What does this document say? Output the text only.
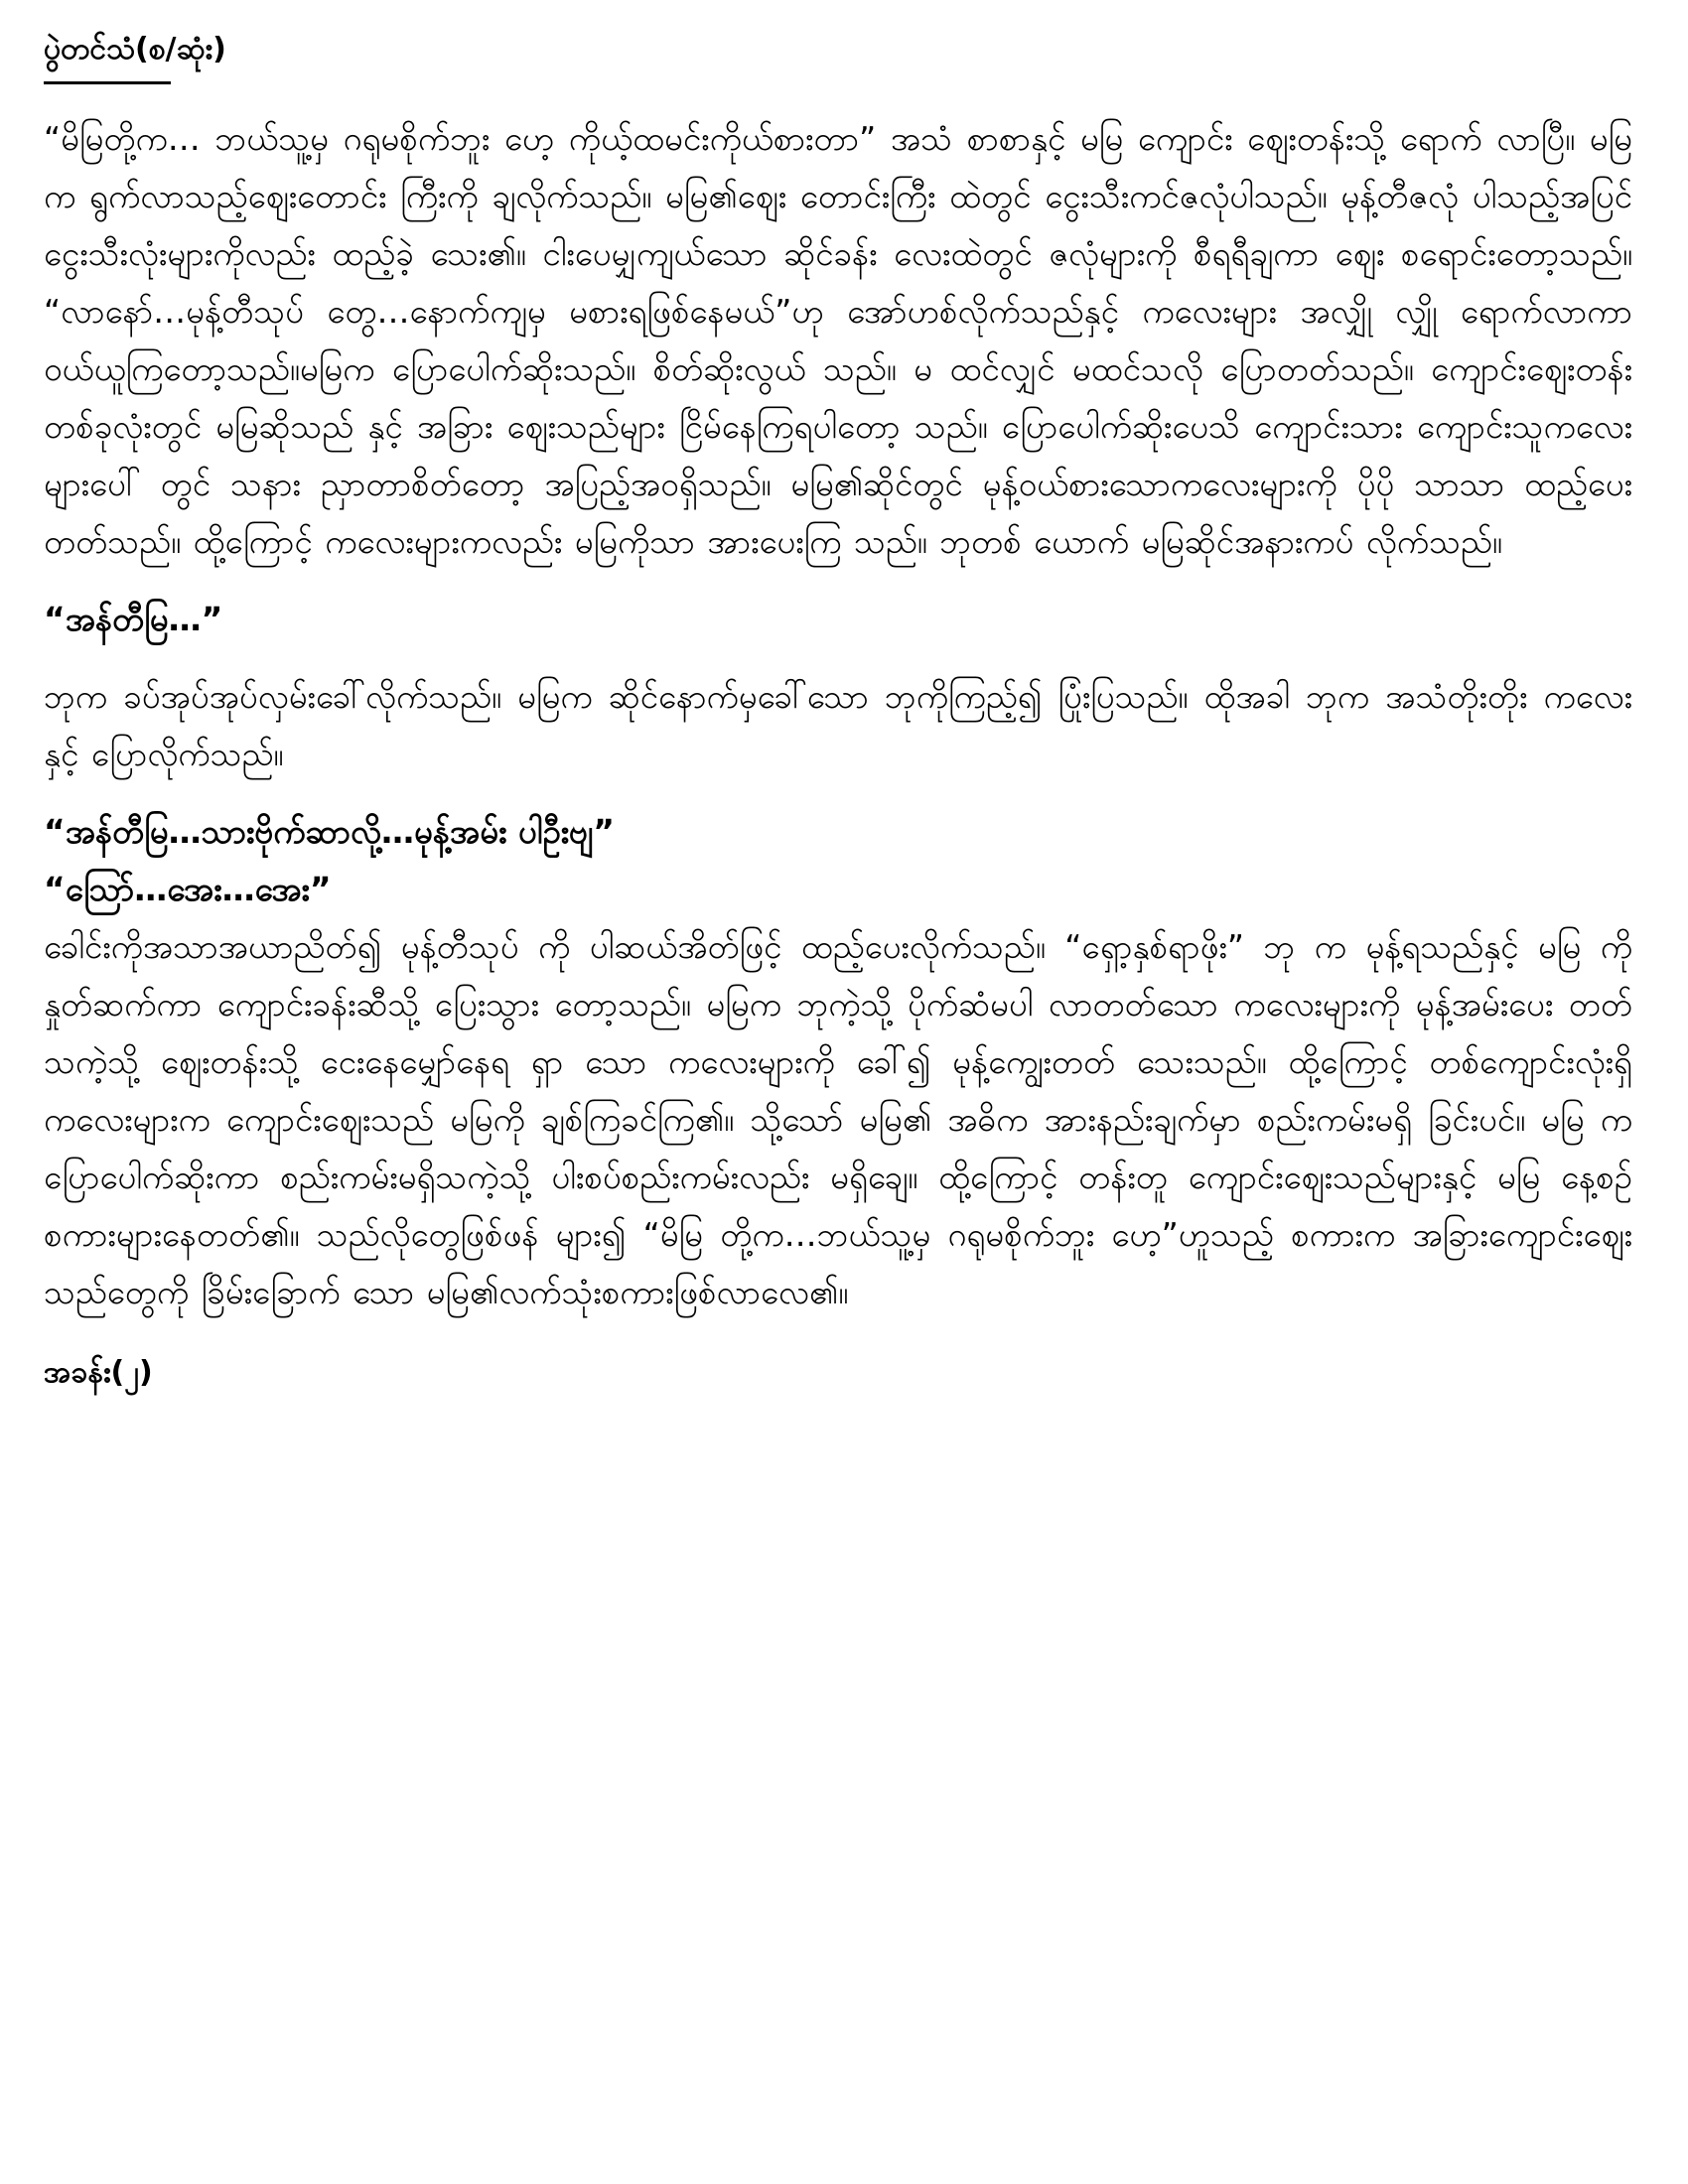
ပွဲတင်သံ(စ/ဆုံး)

“မိမြတို့က… ဘယ်သူ့မှ ဂရုမစိုက်ဘူး ဟေ့ ကိုယ့်ထမင်းကိုယ်စားတာ” အသံ စာစာနှင့် မမြ ကျောင်း ဈေးတန်းသို့ ရောက် လာပြီ။ မမြက ရွက်လာသည့်ဈေးတောင်း ကြီးကို ချလိုက်သည်။ မမြ၏ဈေး တောင်းကြီး ထဲတွင် ငွေးသီးကင်ဇလုံပါသည်။ မုန့်တီဇလုံ ပါသည့်အပြင် ငွေးသီးလုံးများကိုလည်း ထည့်ခဲ့ သေး၏။ ငါးပေမျှကျယ်သော ဆိုင်ခန်း လေးထဲတွင် ဇလုံများကို စီရရီချကာ ဈေး စရောင်းတော့သည်။ “လာနော်…မုန့်တီသုပ် တွေ…နောက်ကျမှ မစားရဖြစ်နေမယ်”ဟု အော်ဟစ်လိုက်သည်နှင့် ကလေးများ အလျှို လျှို ရောက်လာကာ ဝယ်ယူကြတော့သည်။မမြက ပြောပေါက်ဆိုးသည်။ စိတ်ဆိုးလွယ် သည်။ မ ထင်လျှင် မထင်သလို ပြောတတ်သည်။ ကျောင်းဈေးတန်းတစ်ခုလုံးတွင် မမြဆိုသည် နှင့် အခြား ဈေးသည်များ ငြိမ်နေကြရပါတော့ သည်။ ပြောပေါက်ဆိုးပေသိ ကျောင်းသား ကျောင်းသူကလေးများပေါ် တွင် သနား ညှာတာစိတ်တော့ အပြည့်အဝရှိသည်။ မမြ၏ဆိုင်တွင် မုန့်ဝယ်စားသောကလေးများကို ပိုပို သာသာ ထည့်ပေးတတ်သည်။ ထို့ကြောင့် ကလေးများကလည်း မမြကိုသာ အားပေးကြ သည်။ ဘုတစ် ယောက် မမြဆိုင်အနားကပ် လိုက်သည်။

“အန်တီမြ…”

ဘုက ခပ်အုပ်အုပ်လှမ်းခေါ်လိုက်သည်။ မမြက ဆိုင်နောက်မှခေါ်သော ဘုကိုကြည့်၍ ပြုံးပြသည်။ ထိုအခါ ဘုက အသံတိုးတိုး ကလေးနှင့် ပြောလိုက်သည်။

“အန်တီမြ…သားဗိုက်ဆာလို့…မုန့်အမ်း ပါဦးဗျ”

“သြော်…အေး…အေး”

ခေါင်းကိုအသာအယာညိတ်၍ မုန့်တီသုပ် ကို ပါဆယ်အိတ်ဖြင့် ထည့်ပေးလိုက်သည်။ “ရှော့နှစ်ရာဖိုး” ဘု က မုန့်ရသည်နှင့် မမြ ကိုနှုတ်ဆက်ကာ ကျောင်းခန်းဆီသို့ ပြေးသွား တော့သည်။ မမြက ဘုကဲ့သို့ ပိုက်ဆံမပါ လာတတ်သော ကလေးများကို မုန့်အမ်းပေး တတ်သကဲ့သို့ ဈေးတန်းသို့ ငေးနေမျှော်နေရ ရှာ သော ကလေးများကို ခေါ်၍ မုန့်ကျွေးတတ် သေးသည်။ ထို့ကြောင့် တစ်ကျောင်းလုံးရှိ ကလေးများက ကျောင်းဈေးသည် မမြကို ချစ်ကြခင်ကြ၏။ သို့သော် မမြ၏ အဓိက အားနည်းချက်မှာ စည်းကမ်းမရှိ ခြင်းပင်။ မမြ က ပြောပေါက်ဆိုးကာ စည်းကမ်းမရှိသကဲ့သို့ ပါးစပ်စည်းကမ်းလည်း မရှိချေ။ ထို့ကြောင့် တန်းတူ ကျောင်းဈေးသည်များနှင့် မမြ နေ့စဉ် စကားများနေတတ်၏။ သည်လိုတွေဖြစ်ဖန် များ၍ “မိမြ တို့က…ဘယ်သူ့မှ ဂရုမစိုက်ဘူး ဟေ့”ဟူသည့် စကားက အခြားကျောင်းဈေး သည်တွေကို ခြိမ်းခြောက် သော မမြ၏လက်သုံးစကားဖြစ်လာလေ၏။

အခန်း(၂)
